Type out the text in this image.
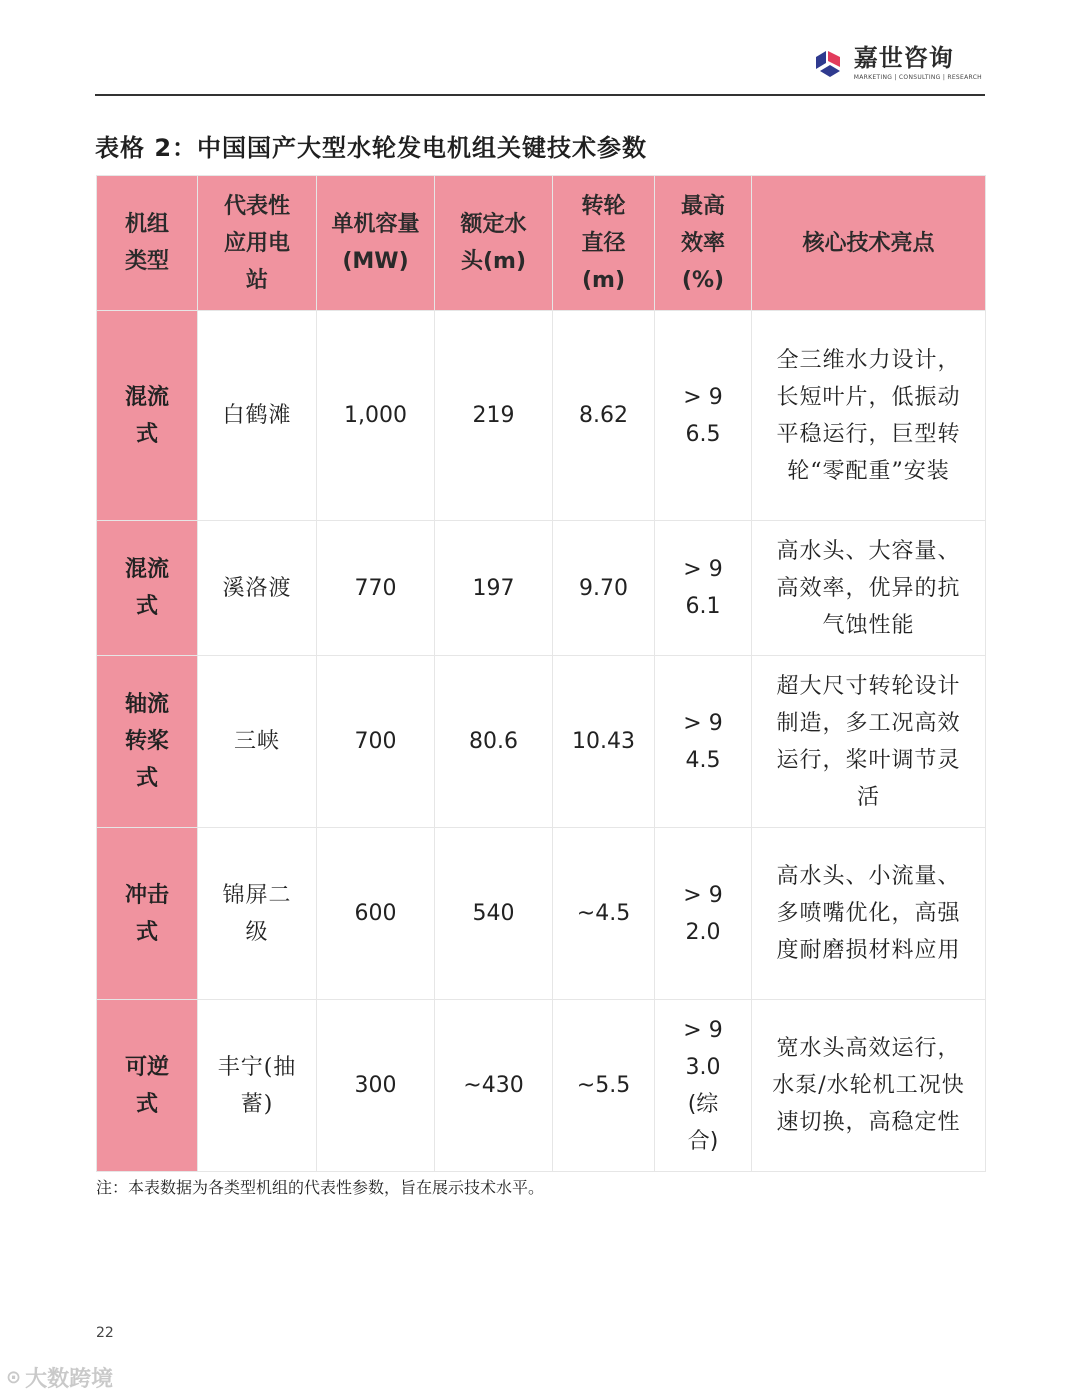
嘉世咨询
MARKETING | CONSULTING | RESEARCH
表格 2：中国国产大型水轮发电机组关键技术参数
机组类型	代表性应用电站	单机容量(MW)	额定水头(m)	转轮直径(m)	最高效率(%)	核心技术亮点

混流式	白鹤滩	1,000	219	8.62	> 96.5	全三维水力设计，长短叶片，低振动平稳运行，巨型转轮“零配重”安装

混流式	溪洛渡	770	197	9.70	> 96.1	高水头、大容量、高效率，优异的抗气蚀性能

轴流转桨式	三峡	700	80.6	10.43	> 94.5	超大尺寸转轮设计制造，多工况高效运行，桨叶调节灵活

冲击式	锦屏二级	600	540	~4.5	> 92.0	高水头、小流量、多喷嘴优化，高强度耐磨损材料应用

可逆式	丰宁(抽蓄)	300	~430	~5.5	> 93.0 (综合)	宽水头高效运行，水泵/水轮机工况快速切换，高稳定性
注：本表数据为各类型机组的代表性参数，旨在展示技术水平。
22
⊙ 大数跨境
